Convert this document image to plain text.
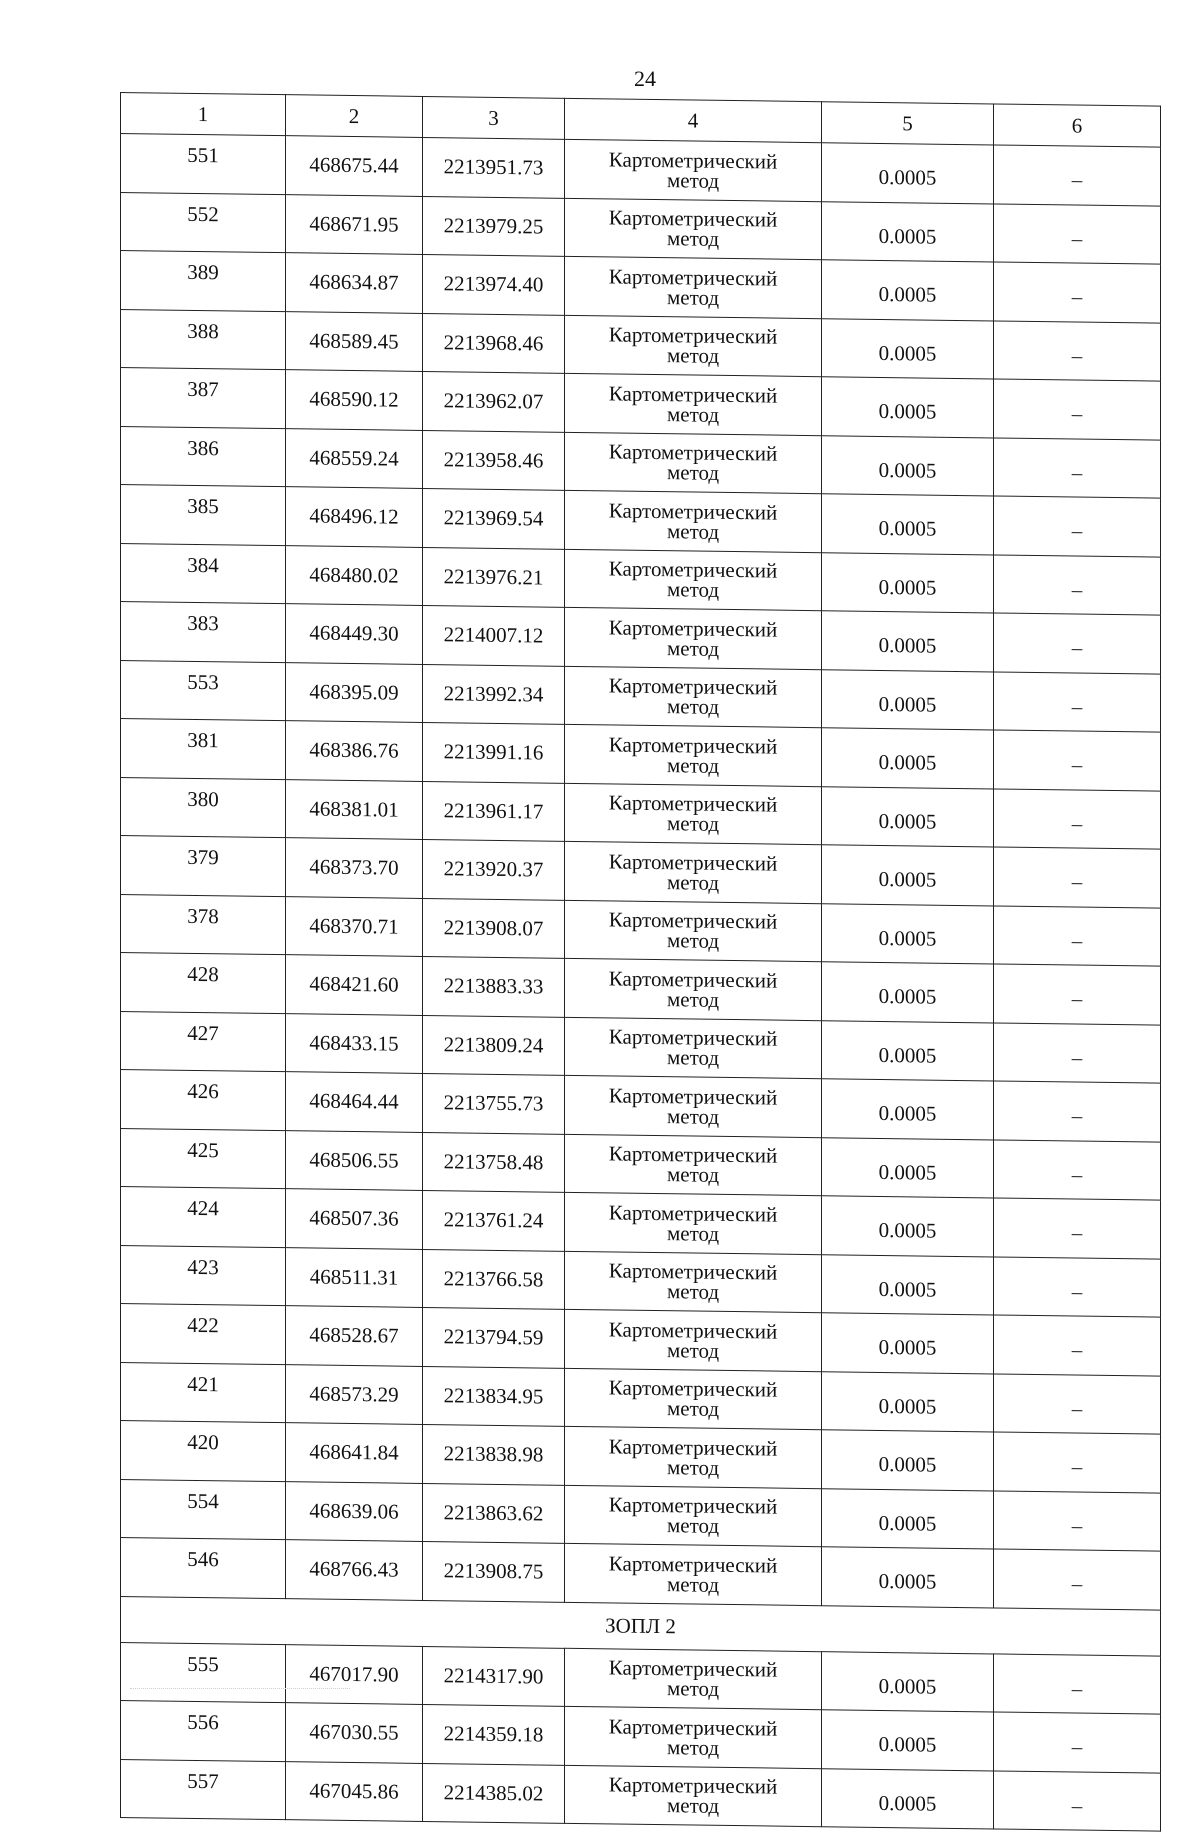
24
1	2	3	4	5	6
551	468675.44	2213951.73	Картометрический
метод	0.0005	–
552	468671.95	2213979.25	Картометрический
метод	0.0005	–
389	468634.87	2213974.40	Картометрический
метод	0.0005	–
388	468589.45	2213968.46	Картометрический
метод	0.0005	–
387	468590.12	2213962.07	Картометрический
метод	0.0005	–
386	468559.24	2213958.46	Картометрический
метод	0.0005	–
385	468496.12	2213969.54	Картометрический
метод	0.0005	–
384	468480.02	2213976.21	Картометрический
метод	0.0005	–
383	468449.30	2214007.12	Картометрический
метод	0.0005	–
553	468395.09	2213992.34	Картометрический
метод	0.0005	–
381	468386.76	2213991.16	Картометрический
метод	0.0005	–
380	468381.01	2213961.17	Картометрический
метод	0.0005	–
379	468373.70	2213920.37	Картометрический
метод	0.0005	–
378	468370.71	2213908.07	Картометрический
метод	0.0005	–
428	468421.60	2213883.33	Картометрический
метод	0.0005	–
427	468433.15	2213809.24	Картометрический
метод	0.0005	–
426	468464.44	2213755.73	Картометрический
метод	0.0005	–
425	468506.55	2213758.48	Картометрический
метод	0.0005	–
424	468507.36	2213761.24	Картометрический
метод	0.0005	–
423	468511.31	2213766.58	Картометрический
метод	0.0005	–
422	468528.67	2213794.59	Картометрический
метод	0.0005	–
421	468573.29	2213834.95	Картометрический
метод	0.0005	–
420	468641.84	2213838.98	Картометрический
метод	0.0005	–
554	468639.06	2213863.62	Картометрический
метод	0.0005	–
546	468766.43	2213908.75	Картометрический
метод	0.0005	–
ЗОПЛ 2					
555	467017.90	2214317.90	Картометрический
метод	0.0005	–
556	467030.55	2214359.18	Картометрический
метод	0.0005	–
557	467045.86	2214385.02	Картометрический
метод	0.0005	–
